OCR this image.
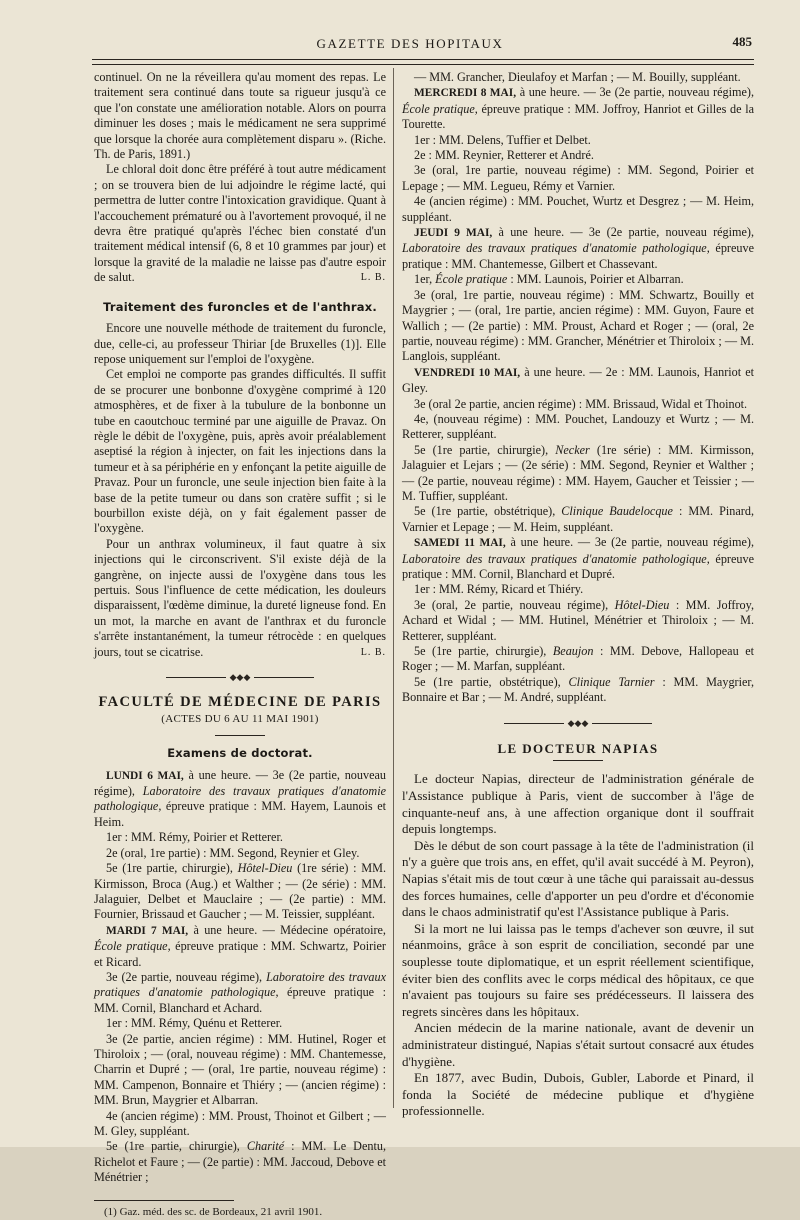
GAZETTE DES HOPITAUX	485

continuel. On ne la réveillera qu'au moment des repas. Le traitement sera continué dans toute sa rigueur jusqu'à ce que l'on constate une amélioration notable. Alors on pourra diminuer les doses ; mais le médicament ne sera supprimé que lorsque la chorée aura complètement disparu ». (Riche. Th. de Paris, 1891.)

Le chloral doit donc être préféré à tout autre médicament ; on se trouvera bien de lui adjoindre le régime lacté, qui permettra de lutter contre l'intoxication gravidique. Quant à l'accouchement prématuré ou à l'avortement provoqué, il ne devra être pratiqué qu'après l'échec bien constaté d'un traitement médical intensif (6, 8 et 10 grammes par jour) et lorsque la gravité de la maladie ne laisse pas d'autre espoir de salut.	L. B.

Traitement des furoncles et de l'anthrax.

Encore une nouvelle méthode de traitement du furoncle, due, celle-ci, au professeur Thiriar [de Bruxelles (1)]. Elle repose uniquement sur l'emploi de l'oxygène.

Cet emploi ne comporte pas grandes difficultés. Il suffit de se procurer une bonbonne d'oxygène comprimé à 120 atmosphères, et de fixer à la tubulure de la bonbonne un tube en caoutchouc terminé par une aiguille de Pravaz. On règle le débit de l'oxygène, puis, après avoir préalablement aseptisé la région à injecter, on fait les injections dans la tumeur et à sa périphérie en y enfonçant la petite aiguille de Pravaz. Pour un furoncle, une seule injection bien faite à la base de la petite tumeur ou dans son cratère suffit ; si le bourbillon existe déjà, on y fait également passer de l'oxygène.

Pour un anthrax volumineux, il faut quatre à six injections qui le circonscrivent. S'il existe déjà de la gangrène, on injecte aussi de l'oxygène dans tous les pertuis. Sous l'influence de cette médication, les douleurs disparaissent, l'œdème diminue, la dureté ligneuse fond. En un mot, la marche en avant de l'anthrax et du furoncle s'arrête instantanément, la tumeur rétrocède : en quelques jours, tout se cicatrise.	L. B.

◆◆◆
FACULTÉ DE MÉDECINE DE PARIS
(ACTES DU 6 AU 11 MAI 1901)
Examens de doctorat.

LUNDI 6 MAI, à une heure. — 3e (2e partie, nouveau régime), Laboratoire des travaux pratiques d'anatomie pathologique, épreuve pratique : MM. Hayem, Launois et Heim.

1er : MM. Rémy, Poirier et Retterer.

2e (oral, 1re partie) : MM. Segond, Reynier et Gley.

5e (1re partie, chirurgie), Hôtel-Dieu (1re série) : MM. Kirmisson, Broca (Aug.) et Walther ; — (2e série) : MM. Jalaguier, Delbet et Mauclaire ; — (2e partie) : MM. Fournier, Brissaud et Gaucher ; — M. Teissier, suppléant.

MARDI 7 MAI, à une heure. — Médecine opératoire, École pratique, épreuve pratique : MM. Schwartz, Poirier et Ricard.

3e (2e partie, nouveau régime), Laboratoire des travaux pratiques d'anatomie pathologique, épreuve pratique : MM. Cornil, Blanchard et Achard.

1er : MM. Rémy, Quénu et Retterer.

3e (2e partie, ancien régime) : MM. Hutinel, Roger et Thiroloix ; — (oral, nouveau régime) : MM. Chantemesse, Charrin et Dupré ; — (oral, 1re partie, nouveau régime) : MM. Campenon, Bonnaire et Thiéry ; — (ancien régime) : MM. Brun, Maygrier et Albarran.

4e (ancien régime) : MM. Proust, Thoinot et Gilbert ; — M. Gley, suppléant.

5e (1re partie, chirurgie), Charité : MM. Le Dentu, Richelot et Faure ; — (2e partie) : MM. Jaccoud, Debove et Ménétrier ;

(1) Gaz. méd. des sc. de Bordeaux, 21 avril 1901.

— MM. Grancher, Dieulafoy et Marfan ; — M. Bouilly, suppléant.

MERCREDI 8 MAI, à une heure. — 3e (2e partie, nouveau régime), École pratique, épreuve pratique : MM. Joffroy, Hanriot et Gilles de la Tourette.

1er : MM. Delens, Tuffier et Delbet.

2e : MM. Reynier, Retterer et André.

3e (oral, 1re partie, nouveau régime) : MM. Segond, Poirier et Lepage ; — MM. Legueu, Rémy et Varnier.

4e (ancien régime) : MM. Pouchet, Wurtz et Desgrez ; — M. Heim, suppléant.

JEUDI 9 MAI, à une heure. — 3e (2e partie, nouveau régime), Laboratoire des travaux pratiques d'anatomie pathologique, épreuve pratique : MM. Chantemesse, Gilbert et Chassevant.

1er, École pratique : MM. Launois, Poirier et Albarran.

3e (oral, 1re partie, nouveau régime) : MM. Schwartz, Bouilly et Maygrier ; — (oral, 1re partie, ancien régime) : MM. Guyon, Faure et Wallich ; — (2e partie) : MM. Proust, Achard et Roger ; — (oral, 2e partie, nouveau régime) : MM. Grancher, Ménétrier et Thiroloix ; — M. Langlois, suppléant.

VENDREDI 10 MAI, à une heure. — 2e : MM. Launois, Hanriot et Gley.

3e (oral 2e partie, ancien régime) : MM. Brissaud, Widal et Thoinot.

4e, (nouveau régime) : MM. Pouchet, Landouzy et Wurtz ; — M. Retterer, suppléant.

5e (1re partie, chirurgie), Necker (1re série) : MM. Kirmisson, Jalaguier et Lejars ; — (2e série) : MM. Segond, Reynier et Walther ; — (2e partie, nouveau régime) : MM. Hayem, Gaucher et Teissier ; — M. Tuffier, suppléant.

5e (1re partie, obstétrique), Clinique Baudelocque : MM. Pinard, Varnier et Lepage ; — M. Heim, suppléant.

SAMEDI 11 MAI, à une heure. — 3e (2e partie, nouveau régime), Laboratoire des travaux pratiques d'anatomie pathologique, épreuve pratique : MM. Cornil, Blanchard et Dupré.

1er : MM. Rémy, Ricard et Thiéry.

3e (oral, 2e partie, nouveau régime), Hôtel-Dieu : MM. Joffroy, Achard et Widal ; — MM. Hutinel, Ménétrier et Thiroloix ; — M. Retterer, suppléant.

5e (1re partie, chirurgie), Beaujon : MM. Debove, Hallopeau et Roger ; — M. Marfan, suppléant.

5e (1re partie, obstétrique), Clinique Tarnier : MM. Maygrier, Bonnaire et Bar ; — M. André, suppléant.

◆◆◆
LE DOCTEUR NAPIAS

Le docteur Napias, directeur de l'administration générale de l'Assistance publique à Paris, vient de succomber à l'âge de cinquante-neuf ans, à une affection organique dont il souffrait depuis longtemps.

Dès le début de son court passage à la tête de l'administration (il n'y a guère que trois ans, en effet, qu'il avait succédé à M. Peyron), Napias s'était mis de tout cœur à une tâche qui paraissait au-dessus des forces humaines, celle d'apporter un peu d'ordre et d'économie dans le chaos administratif qu'est l'Assistance publique à Paris.

Si la mort ne lui laissa pas le temps d'achever son œuvre, il sut néanmoins, grâce à son esprit de conciliation, secondé par une souplesse toute diplomatique, et un esprit réellement scientifique, éviter bien des conflits avec le corps médical des hôpitaux, ce que n'avaient pas toujours su faire ses prédécesseurs. Il laissera des regrets sincères dans les hôpitaux.

Ancien médecin de la marine nationale, avant de devenir un administrateur distingué, Napias s'était surtout consacré aux études d'hygiène.

En 1877, avec Budin, Dubois, Gubler, Laborde et Pinard, il fonda la Société de médecine publique et d'hygiène professionnelle.
